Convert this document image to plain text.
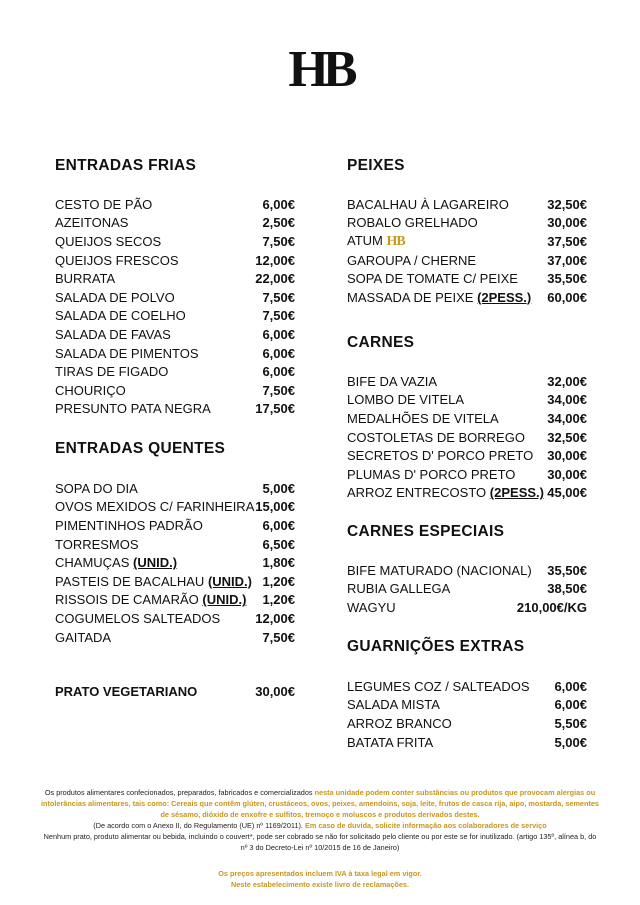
HB
ENTRADAS FRIAS
CESTO DE PÃO	6,00€
AZEITONAS	2,50€
QUEIJOS SECOS	7,50€
QUEIJOS FRESCOS	12,00€
BURRATA	22,00€
SALADA DE POLVO	7,50€
SALADA DE COELHO	7,50€
SALADA DE FAVAS	6,00€
SALADA DE PIMENTOS	6,00€
TIRAS DE FIGADO	6,00€
CHOURIÇO	7,50€
PRESUNTO PATA NEGRA	17,50€
ENTRADAS QUENTES
SOPA DO DIA	5,00€
OVOS MEXIDOS C/ FARINHEIRA 15,00€
PIMENTINHOS PADRÃO	6,00€
TORRESMOS	6,50€
CHAMUÇAS (UNID.)	1,80€
PASTEIS DE BACALHAU (UNID.) 1,20€
RISSOIS DE CAMARÃO (UNID.) 1,20€
COGUMELOS SALTEADOS	12,00€
GAITADA	7,50€
PRATO VEGETARIANO	30,00€
PEIXES
BACALHAU À LAGAREIRO	32,50€
ROBALO GRELHADO	30,00€
ATUM HB	37,50€
GAROUPA / CHERNE	37,00€
SOPA DE TOMATE C/ PEIXE 35,50€
MASSADA DE PEIXE (2PESS.) 60,00€
CARNES
BIFE DA VAZIA	32,00€
LOMBO DE VITELA	34,00€
MEDALHÕES DE VITELA	34,00€
COSTOLETAS DE BORREGO 32,50€
SECRETOS D' PORCO PRETO 30,00€
PLUMAS D' PORCO PRETO 30,00€
ARROZ ENTRECOSTO (2PESS.) 45,00€
CARNES ESPECIAIS
BIFE MATURADO (NACIONAL) 35,50€
RUBIA GALLEGA	38,50€
WAGYU	210,00€/KG
GUARNIÇÕES EXTRAS
LEGUMES COZ / SALTEADOS 6,00€
SALADA MISTA	6,00€
ARROZ BRANCO	5,50€
BATATA FRITA	5,00€
Os produtos alimentares confecionados, preparados, fabricados e comercializados nesta unidade podem conter substâncias ou produtos que provocam alergias ou intolerâncias alimentares, tais como: Cereais que contêm glúten, crustáceos, ovos, peixes, amendoins, soja, leite, frutos de casca rija, aipo, mostarda, sementes de sésamo, dióxido de enxofre e sulfitos, tremoço e moluscos e produtos derivados destes.
(De acordo com o Anexo II, do Regulamento (UE) nº 1169/2011). Em caso de duvida, solicite informação aos colaboradores de serviço
Nenhum prato, produto alimentar ou bebida, incluindo o couvert*, pode ser cobrado se não for solicitado pelo cliente ou por este se for inutilizado. (artigo 135º, alínea b, do nº 3 do Decreto-Lei nº 10/2015 de 16 de Janeiro)
Os preços apresentados incluem IVA à taxa legal em vigor.
Neste estabelecimento existe livro de reclamações.
